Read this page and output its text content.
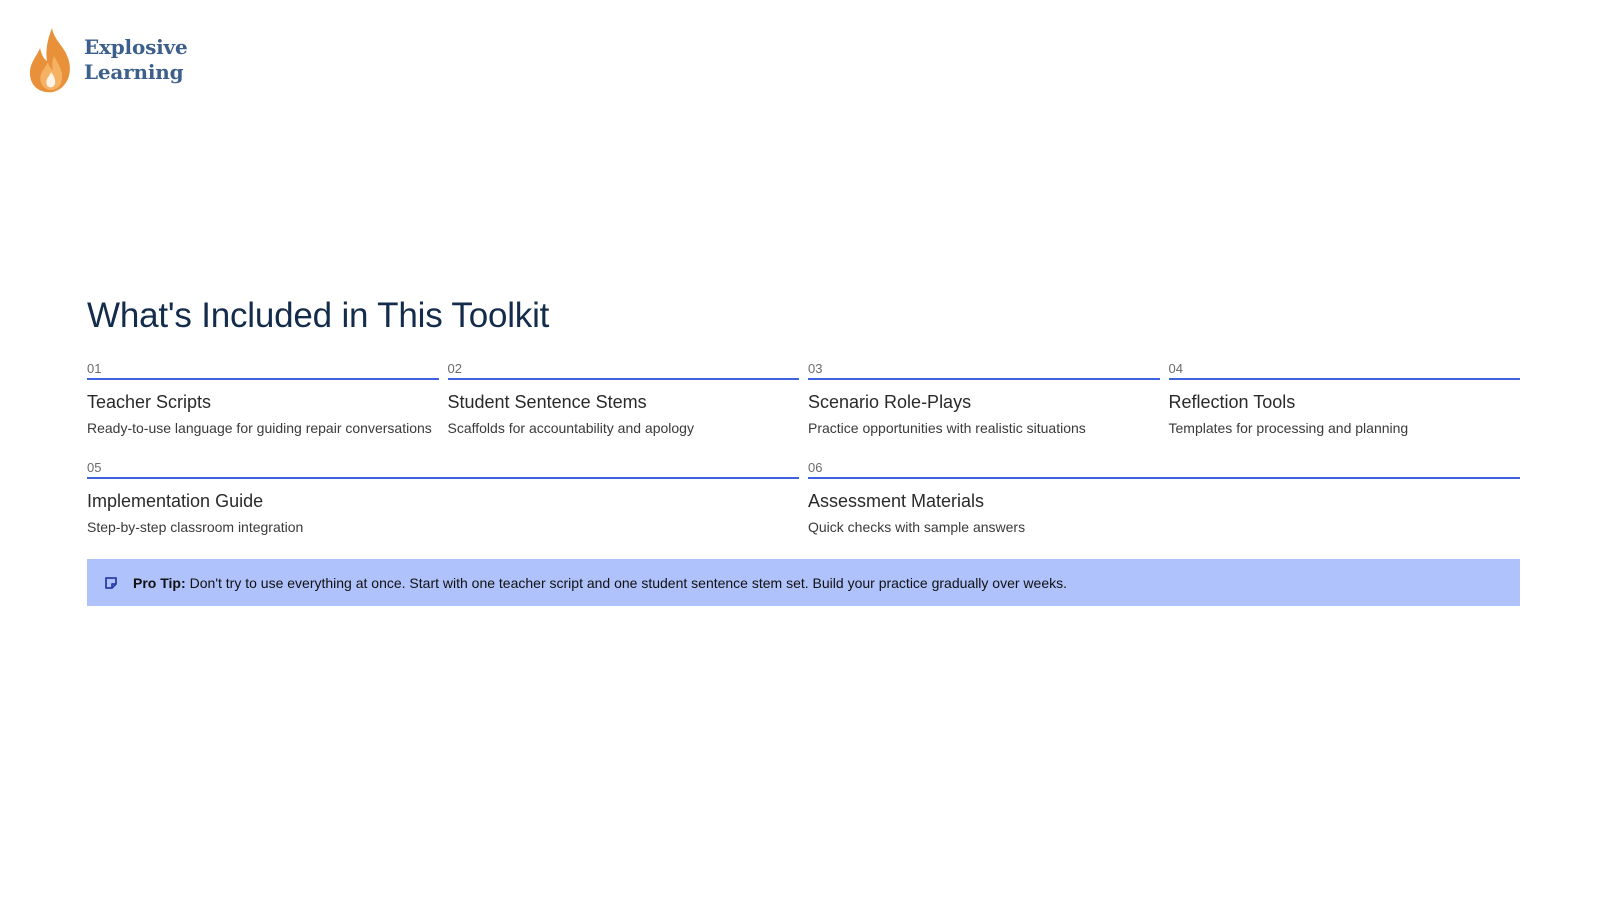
Explosive
Learning
What's Included in This Toolkit
01
Teacher Scripts
Ready-to-use language for guiding repair conversations
02
Student Sentence Stems
Scaffolds for accountability and apology
03
Scenario Role-Plays
Practice opportunities with realistic situations
04
Reflection Tools
Templates for processing and planning
05
Implementation Guide
Step-by-step classroom integration
06
Assessment Materials
Quick checks with sample answers
Pro Tip: Don't try to use everything at once. Start with one teacher script and one student sentence stem set. Build your practice gradually over weeks.
